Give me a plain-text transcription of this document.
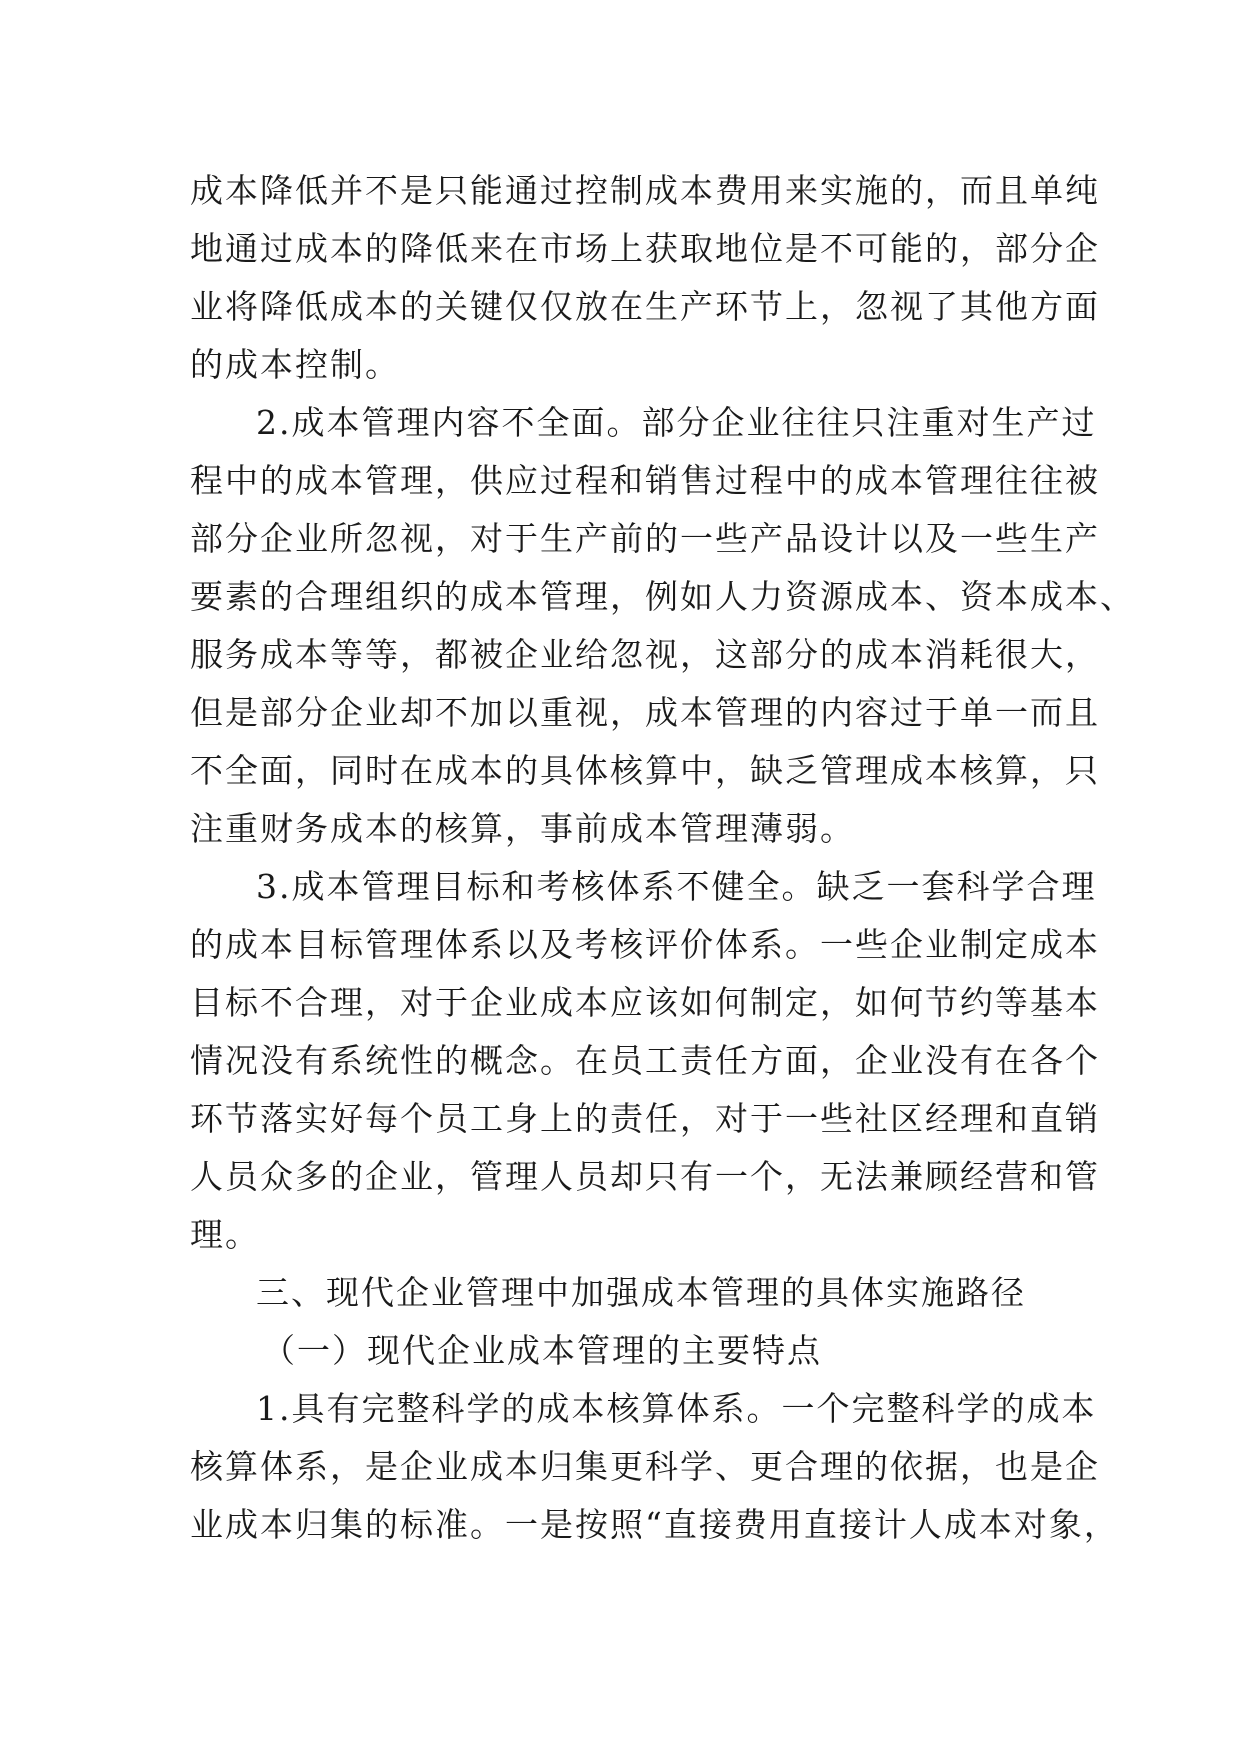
成本降低并不是只能通过控制成本费用来实施的，而且单纯
地通过成本的降低来在市场上获取地位是不可能的，部分企
业将降低成本的关键仅仅放在生产环节上，忽视了其他方面
的成本控制。
2.成本管理内容不全面。部分企业往往只注重对生产过
程中的成本管理，供应过程和销售过程中的成本管理往往被
部分企业所忽视，对于生产前的一些产品设计以及一些生产
要素的合理组织的成本管理，例如人力资源成本、资本成本、
服务成本等等，都被企业给忽视，这部分的成本消耗很大，
但是部分企业却不加以重视，成本管理的内容过于单一而且
不全面，同时在成本的具体核算中，缺乏管理成本核算，只
注重财务成本的核算，事前成本管理薄弱。
3.成本管理目标和考核体系不健全。缺乏一套科学合理
的成本目标管理体系以及考核评价体系。一些企业制定成本
目标不合理，对于企业成本应该如何制定，如何节约等基本
情况没有系统性的概念。在员工责任方面，企业没有在各个
环节落实好每个员工身上的责任，对于一些社区经理和直销
人员众多的企业，管理人员却只有一个，无法兼顾经营和管
理。
三、现代企业管理中加强成本管理的具体实施路径
（一）现代企业成本管理的主要特点
1.具有完整科学的成本核算体系。一个完整科学的成本
核算体系，是企业成本归集更科学、更合理的依据，也是企
业成本归集的标准。一是按照“直接费用直接计人成本对象，
